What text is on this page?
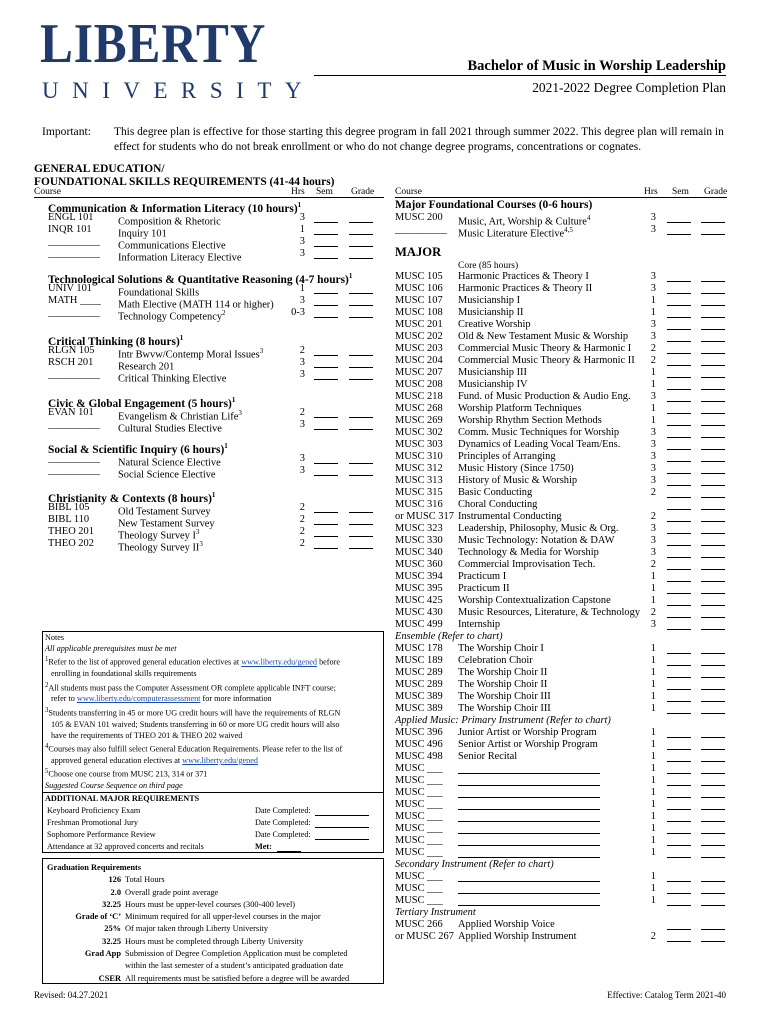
LIBERTY
UNIVERSITY
Bachelor of Music in Worship Leadership
2021-2022 Degree Completion Plan
Important: This degree plan is effective for those starting this degree program in fall 2021 through summer 2022. This degree plan will remain in effect for students who do not break enrollment or who do not change degree programs, concentrations or cognates.
GENERAL EDUCATION/
FOUNDATIONAL SKILLS REQUIREMENTS (41-44 hours)
Course	Hrs Sem Grade Course	Hrs Sem Grade
Communication & Information Literacy (10 hours)$^1$
ENGL 101 Composition & Rhetoric	3
INQR 101	Inquiry 101	1
__________ Communications Elective	3
__________ Information Literacy Elective	3
Technological Solutions & Quantitative Reasoning (4-7 hours)$^1$
UNIV 101	Foundational Skills	1
MATH ____ Math Elective (MATH 114 or higher)	3
__________ Technology Competency$^2$	0-3
Critical Thinking (8 hours)$^1$
RLGN 105 Intr Bwvw/Contemp Moral Issues$^3$	2
RSCH 201 Research 201	3
__________ Critical Thinking Elective	3
Civic & Global Engagement (5 hours)$^1$
EVAN 101 Evangelism & Christian Life$^3$	2
__________ Cultural Studies Elective	3
Social & Scientific Inquiry (6 hours)$^1$
__________ Natural Science Elective	3
__________ Social Science Elective	3
Christianity & Contexts (8 hours)$^1$
BIBL 105	Old Testament Survey	2
BIBL 110	New Testament Survey	2
THEO 201 Theology Survey $I^3$	2
THEO 202 Theology Survey $II^3$	2
Major Foundational Courses (0-6 hours)
MUSC 200 Music, Art, Worship & Culture$^4$	3
__________ Music Literature Elective$^{4,5}$	3
MAJOR
Core (85 hours)
MUSC 105 Harmonic Practices & Theory I	3
MUSC 106 Harmonic Practices & Theory II	3
MUSC 107 Musicianship I	1
MUSC 108 Musicianship II	1
MUSC 201 Creative Worship	3
MUSC 202 Old & New Testament Music & Worship	3
MUSC 203 Commercial Music Theory & Harmonic I	2
MUSC 204 Commercial Music Theory & Harmonic II	2
MUSC 207 Musicianship III	1
MUSC 208 Musicianship IV	1
MUSC 218 Fund. of Music Production & Audio Eng.	3
MUSC 268 Worship Platform Techniques	1
MUSC 269 Worship Rhythm Section Methods	1
MUSC 302 Comm. Music Techniques for Worship	3
MUSC 303 Dynamics of Leading Vocal Team/Ens.	3
MUSC 310 Principles of Arranging	3
MUSC 312 Music History (Since 1750)	3
MUSC 313 History of Music & Worship	3
MUSC 315 Basic Conducting	2
MUSC 316 Choral Conducting
or MUSC 317 Instrumental Conducting	2
MUSC 323 Leadership, Philosophy, Music & Org.	3
MUSC 330 Music Technology: Notation & DAW	3
MUSC 340 Technology & Media for Worship	3
MUSC 360 Commercial Improvisation Tech.	2
MUSC 394 Practicum I	1
MUSC 395 Practicum II	1
MUSC 425 Worship Contextualization Capstone	1
MUSC 430 Music Resources, Literature, & Technology	2
MUSC 499 Internship	3
Ensemble (Refer to chart)
MUSC 178 The Worship Choir I	1
MUSC 189 Celebration Choir	1
MUSC 289 The Worship Choir II	1
MUSC 289 The Worship Choir II	1
MUSC 389 The Worship Choir III	1
MUSC 389 The Worship Choir III	1
Applied Music: Primary Instrument (Refer to chart)
MUSC 396 Junior Artist or Worship Program	1
MUSC 496 Senior Artist or Worship Program	1
MUSC 498 Senior Recital	1
MUSC ___	1
MUSC ___	1
MUSC ___	1
MUSC ___	1
MUSC ___	1
MUSC ___	1
MUSC ___	1
MUSC ___	1
Secondary Instrument (Refer to chart)
MUSC ___	1
MUSC ___	1
MUSC ___	1
Tertiary Instrument
MUSC 266 Applied Worship Voice
or MUSC 267 Applied Worship Instrument	2
Notes
All applicable prerequisites must be met
$^1$Refer to the list of approved general education electives at www.liberty.edu/gened before
enrolling in foundational skills requirements
$^2$All students must pass the Computer Assessment OR complete applicable INFT course;
refer to www.liberty.edu/computerassessment for more information
$^3$Students transferring in 45 or more UG credit hours will have the requirements of RLGN
105 & EVAN 101 waived; Students transferring in 60 or more UG credit hours will also
have the requirements of THEO 201 & THEO 202 waived
$^4$Courses may also fulfill select General Education Requirements. Please refer to the list of
approved general education electives at www.liberty.edu/gened
$^5$Choose one course from MUSC 213, 314 or 371
Suggested Course Sequence on third page
ADDITIONAL MAJOR REQUIREMENTS
Keyboard Proficiency Exam	Date Completed:
Freshman Promotional Jury	Date Completed:
Sophomore Performance Review	Date Completed:
Attendance at 32 approved concerts and recitals	Met:
Graduation Requirements
126 Total Hours
2.0 Overall grade point average
32.25 Hours must be upper-level courses (300-400 level)
Grade of ‘C’ Minimum required for all upper-level courses in the major
25% Of major taken through Liberty University
32.25 Hours must be completed through Liberty University
Grad App Submission of Degree Completion Application must be completed
within the last semester of a student’s anticipated graduation date
CSER All requirements must be satisfied before a degree will be awarded
Revised: 04.27.2021	Effective: Catalog Term 2021-40
